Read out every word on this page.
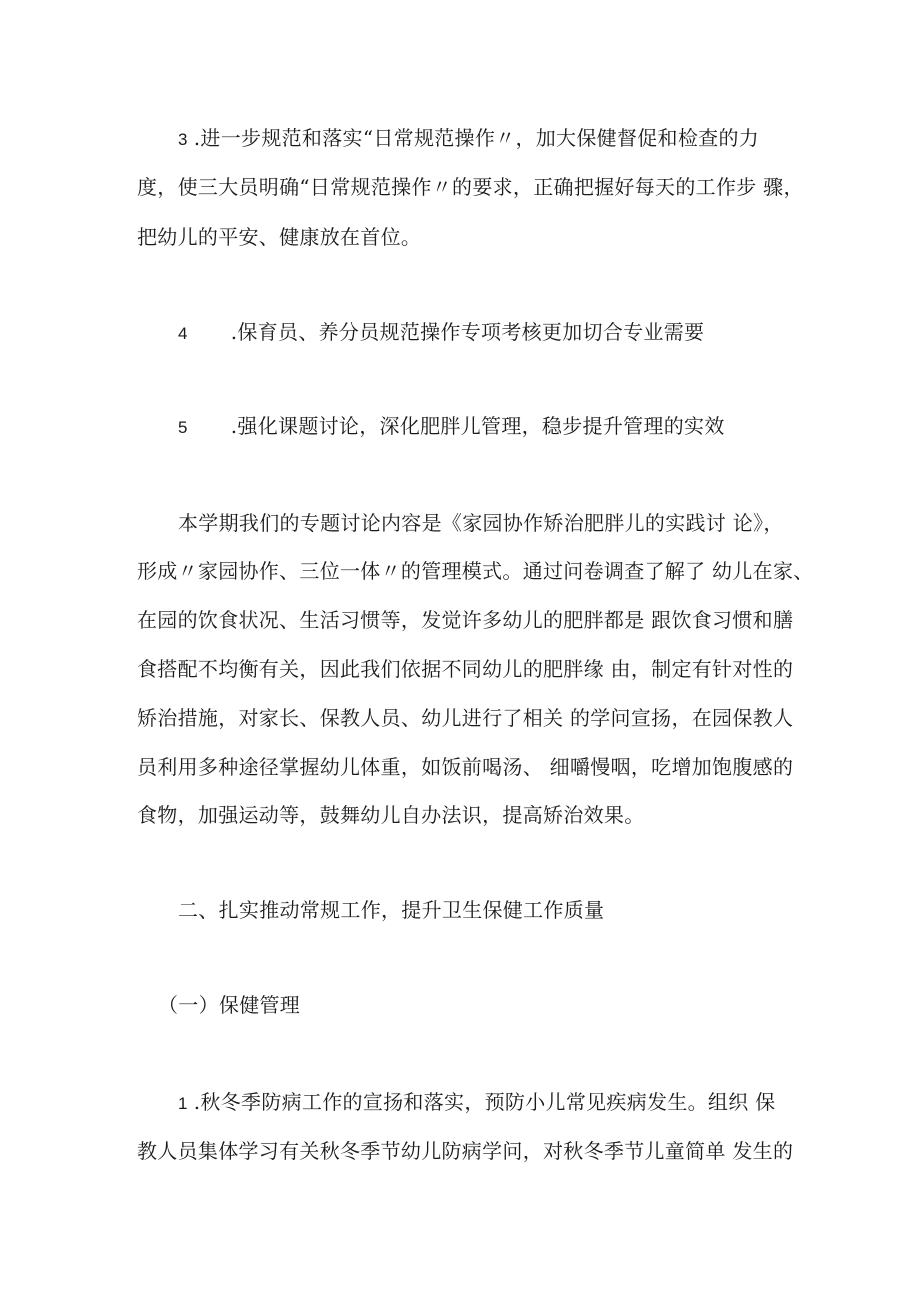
3 .进一步规范和落实“日常规范操作〃，加大保健督促和检查的力
度，使三大员明确“日常规范操作〃的要求，正确把握好每天的工作步 骤，
把幼儿的平安、健康放在首位。
4 .保育员、养分员规范操作专项考核更加切合专业需要
5 .强化课题讨论，深化肥胖儿管理，稳步提升管理的实效
本学期我们的专题讨论内容是《家园协作矫治肥胖儿的实践讨 论》，
形成〃家园协作、三位一体〃的管理模式。通过问卷调查了解了 幼儿在家、
在园的饮食状况、生活习惯等，发觉许多幼儿的肥胖都是 跟饮食习惯和膳
食搭配不均衡有关，因此我们依据不同幼儿的肥胖缘 由，制定有针对性的
矫治措施，对家长、保教人员、幼儿进行了相关 的学问宣扬，在园保教人
员利用多种途径掌握幼儿体重，如饭前喝汤、 细嚼慢咽，吃增加饱腹感的
食物，加强运动等，鼓舞幼儿自办法识，提高矫治效果。
二、扎实推动常规工作，提升卫生保健工作质量
（一）保健管理
1 .秋冬季防病工作的宣扬和落实，预防小儿常见疾病发生。组织 保
教人员集体学习有关秋冬季节幼儿防病学问，对秋冬季节儿童简单 发生的
